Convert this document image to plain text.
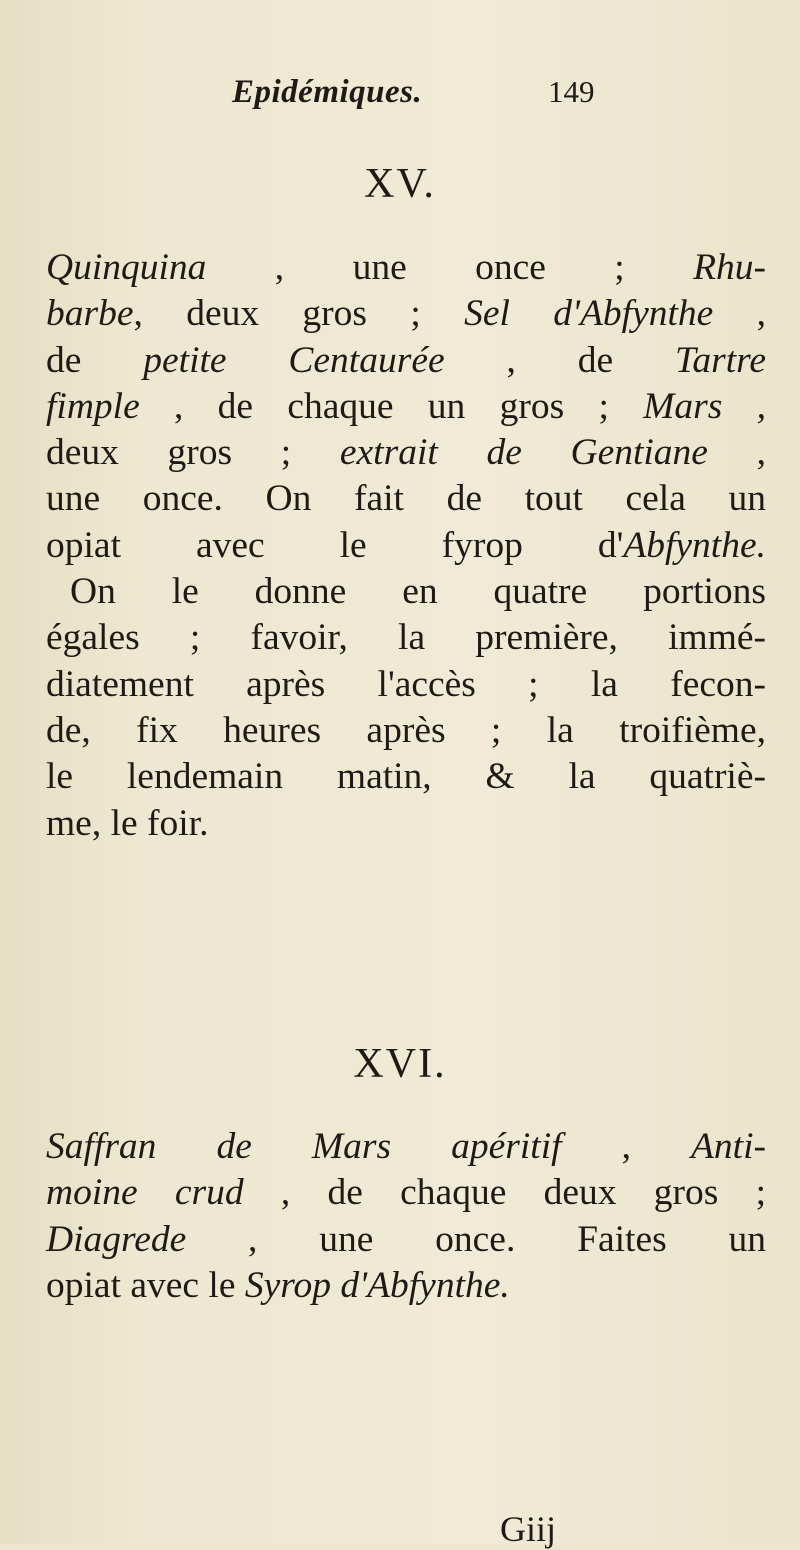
Epidémiques.	149
XV.
Quinquina , une once ; Rhu-
barbe, deux gros ; Sel d'Abfynthe ,
de petite Centaurée , de Tartre
fimple , de chaque un gros ; Mars ,
deux gros ; extrait de Gentiane ,
une once. On fait de tout cela un
opiat avec le fyrop d'Abfynthe.
On le donne en quatre portions
égales ; favoir, la première, immé-
diatement après l'accès ; la fecon-
de, fix heures après ; la troifième,
le lendemain matin, & la quatriè-
me, le foir.
XVI.
Saffran de Mars apéritif , Anti-
moine crud , de chaque deux gros ;
Diagrede , une once. Faites un
opiat avec le Syrop d'Abfynthe.
Giij
